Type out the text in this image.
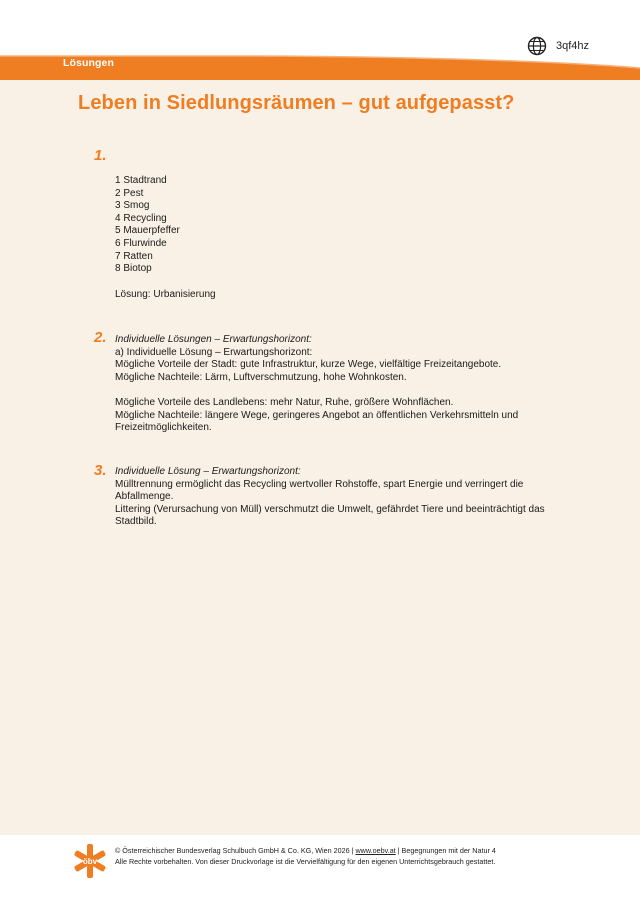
3qf4hz
Lösungen
Leben in Siedlungsräumen – gut aufgepasst?
1.
1 Stadtrand
2 Pest
3 Smog
4 Recycling
5 Mauerpfeffer
6 Flurwinde
7 Ratten
8 Biotop
Lösung: Urbanisierung
2. Individuelle Lösungen – Erwartungshorizont:

a) Individuelle Lösung – Erwartungshorizont:

Mögliche Vorteile der Stadt: gute Infrastruktur, kurze Wege, vielfältige Freizeitangebote.

Mögliche Nachteile: Lärm, Luftverschmutzung, hohe Wohnkosten.

Mögliche Vorteile des Landlebens: mehr Natur, Ruhe, größere Wohnflächen.

Mögliche Nachteile: längere Wege, geringeres Angebot an öffentlichen Verkehrsmitteln und Freizeitmöglichkeiten.

3. Individuelle Lösung – Erwartungshorizont:

Mülltrennung ermöglicht das Recycling wertvoller Rohstoffe, spart Energie und verringert die Abfallmenge.

Littering (Verursachung von Müll) verschmutzt die Umwelt, gefährdet Tiere und beeinträchtigt das Stadtbild.

öbv
© Österreichischer Bundesverlag Schulbuch GmbH & Co. KG, Wien 2026 | www.oebv.at | Begegnungen mit der Natur 4
Alle Rechte vorbehalten. Von dieser Druckvorlage ist die Vervielfältigung für den eigenen Unterrichtsgebrauch gestattet.
